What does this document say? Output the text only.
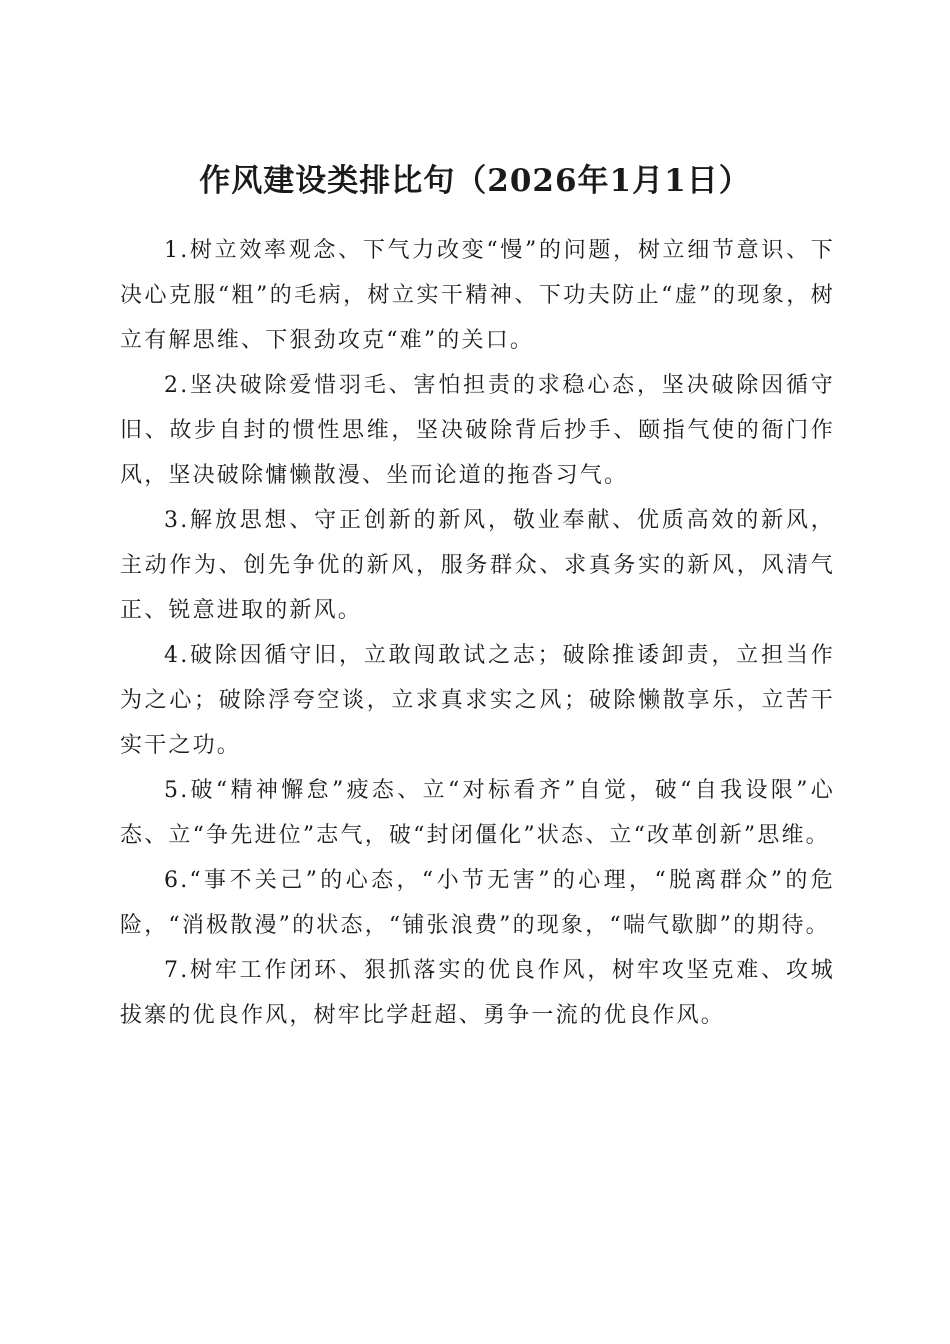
作风建设类排比句（2026年1月1日）

1.树立效率观念、下气力改变“慢”的问题，树立细节意识、下决心克服“粗”的毛病，树立实干精神、下功夫防止“虚”的现象，树立有解思维、下狠劲攻克“难”的关口。

2.坚决破除爱惜羽毛、害怕担责的求稳心态，坚决破除因循守旧、故步自封的惯性思维，坚决破除背后抄手、颐指气使的衙门作风，坚决破除慵懒散漫、坐而论道的拖沓习气。

3.解放思想、守正创新的新风，敬业奉献、优质高效的新风，主动作为、创先争优的新风，服务群众、求真务实的新风，风清气正、锐意进取的新风。

4.破除因循守旧，立敢闯敢试之志；破除推诿卸责，立担当作为之心；破除浮夸空谈，立求真求实之风；破除懒散享乐，立苦干实干之功。

5.破“精神懈怠”疲态、立“对标看齐”自觉，破“自我设限”心态、立“争先进位”志气，破“封闭僵化”状态、立“改革创新”思维。

6.“事不关己”的心态，“小节无害”的心理，“脱离群众”的危险，“消极散漫”的状态，“铺张浪费”的现象，“喘气歇脚”的期待。

7.树牢工作闭环、狠抓落实的优良作风，树牢攻坚克难、攻城拔寨的优良作风，树牢比学赶超、勇争一流的优良作风。
